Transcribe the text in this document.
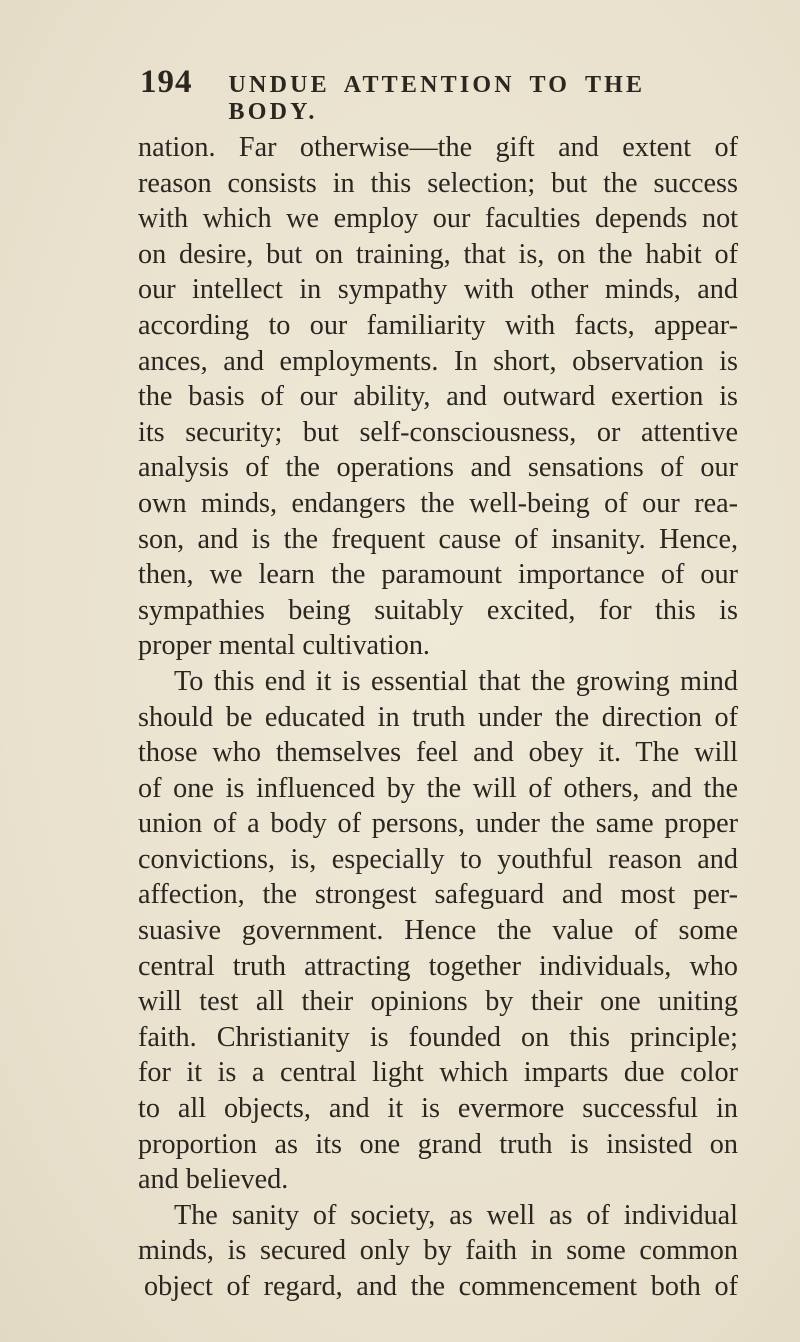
194 UNDUE ATTENTION TO THE BODY.
nation. Far otherwise—the gift and extent of
reason consists in this selection; but the success
with which we employ our faculties depends not
on desire, but on training, that is, on the habit of
our intellect in sympathy with other minds, and
according to our familiarity with facts, appear-
ances, and employments. In short, observation is
the basis of our ability, and outward exertion is
its security; but self-consciousness, or attentive
analysis of the operations and sensations of our
own minds, endangers the well-being of our rea-
son, and is the frequent cause of insanity. Hence,
then, we learn the paramount importance of our
sympathies being suitably excited, for this is
proper mental cultivation.
To this end it is essential that the growing mind
should be educated in truth under the direction of
those who themselves feel and obey it. The will
of one is influenced by the will of others, and the
union of a body of persons, under the same proper
convictions, is, especially to youthful reason and
affection, the strongest safeguard and most per-
suasive government. Hence the value of some
central truth attracting together individuals, who
will test all their opinions by their one uniting
faith. Christianity is founded on this principle;
for it is a central light which imparts due color
to all objects, and it is evermore successful in
proportion as its one grand truth is insisted on
and believed.
The sanity of society, as well as of individual
minds, is secured only by faith in some common
object of regard, and the commencement both of
